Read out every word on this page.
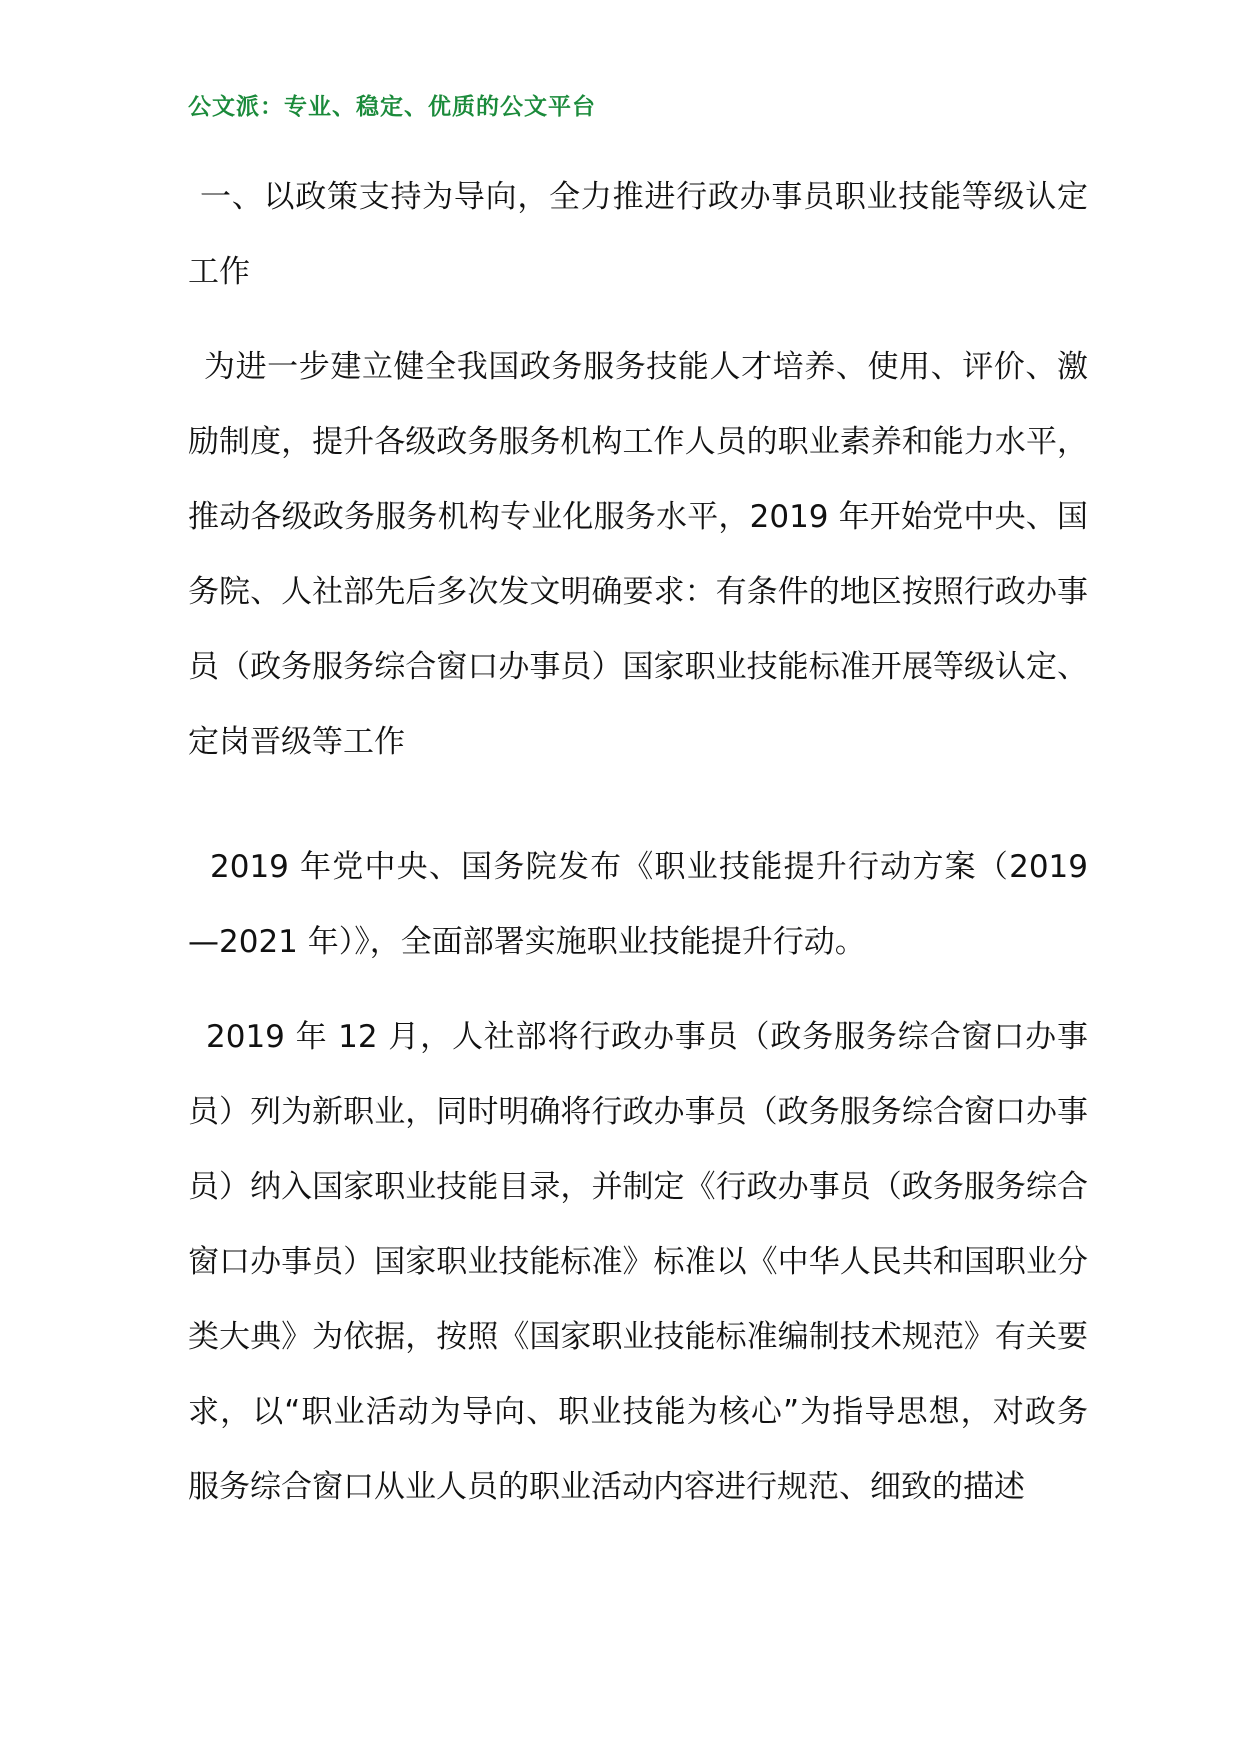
公文派：专业、稳定、优质的公文平台

一、以政策支持为导向，全力推进行政办事员职业技能等级认定工作

为进一步建立健全我国政务服务技能人才培养、使用、评价、激励制度，提升各级政务服务机构工作人员的职业素养和能力水平，推动各级政务服务机构专业化服务水平，2019 年开始党中央、国务院、人社部先后多次发文明确要求：有条件的地区按照行政办事员（政务服务综合窗口办事员）国家职业技能标准开展等级认定、定岗晋级等工作

2019 年党中央、国务院发布《职业技能提升行动方案（2019—2021 年）》，全面部署实施职业技能提升行动。

2019 年 12 月，人社部将行政办事员（政务服务综合窗口办事员）列为新职业，同时明确将行政办事员（政务服务综合窗口办事员）纳入国家职业技能目录，并制定《行政办事员（政务服务综合窗口办事员）国家职业技能标准》标准以《中华人民共和国职业分类大典》为依据，按照《国家职业技能标准编制技术规范》有关要求，以“职业活动为导向、职业技能为核心”为指导思想，对政务服务综合窗口从业人员的职业活动内容进行规范、细致的描述
